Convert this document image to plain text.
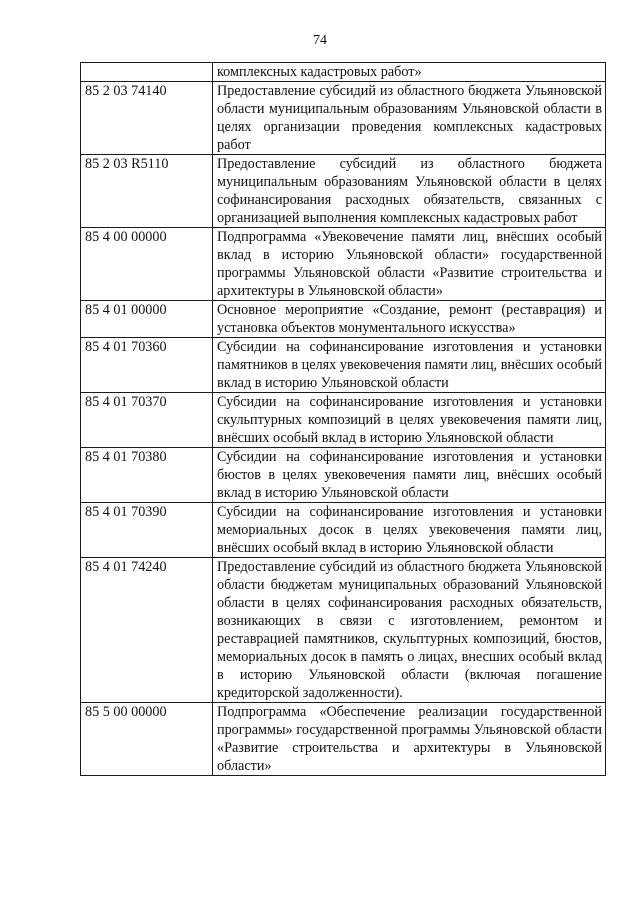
74
	комплексных кадастровых работ»
85 2 03 74140	Предоставление субсидий из областного бюджета Ульяновской области муниципальным образованиям Ульяновской области в целях организации проведения комплексных кадастровых работ
85 2 03 R5110	Предоставление субсидий из областного бюджета муниципальным образованиям Ульяновской области в целях софинансирования расходных обязательств, связанных с организацией выполнения комплексных кадастровых работ
85 4 00 00000	Подпрограмма «Увековечение памяти лиц, внёсших особый вклад в историю Ульяновской области» государственной программы Ульяновской области «Развитие строительства и архитектуры в Ульяновской области»
85 4 01 00000	Основное мероприятие «Создание, ремонт (реставрация) и установка объектов монументального искусства»
85 4 01 70360	Субсидии на софинансирование изготовления и установки памятников в целях увековечения памяти лиц, внёсших особый вклад в историю Ульяновской области
85 4 01 70370	Субсидии на софинансирование изготовления и установки скульптурных композиций в целях увековечения памяти лиц, внёсших особый вклад в историю Ульяновской области
85 4 01 70380	Субсидии на софинансирование изготовления и установки бюстов в целях увековечения памяти лиц, внёсших особый вклад в историю Ульяновской области
85 4 01 70390	Субсидии на софинансирование изготовления и установки мемориальных досок в целях увековечения памяти лиц, внёсших особый вклад в историю Ульяновской области
85 4 01 74240	Предоставление субсидий из областного бюджета Ульяновской области бюджетам муниципальных образований Ульяновской области в целях софинансирования расходных обязательств, возникающих в связи с изготовлением, ремонтом и реставрацией памятников, скульптурных композиций, бюстов, мемориальных досок в память о лицах, внесших особый вклад в историю Ульяновской области (включая погашение кредиторской задолженности).
85 5 00 00000	Подпрограмма «Обеспечение реализации государственной программы» государственной программы Ульяновской области «Развитие строительства и архитектуры в Ульяновской области»
